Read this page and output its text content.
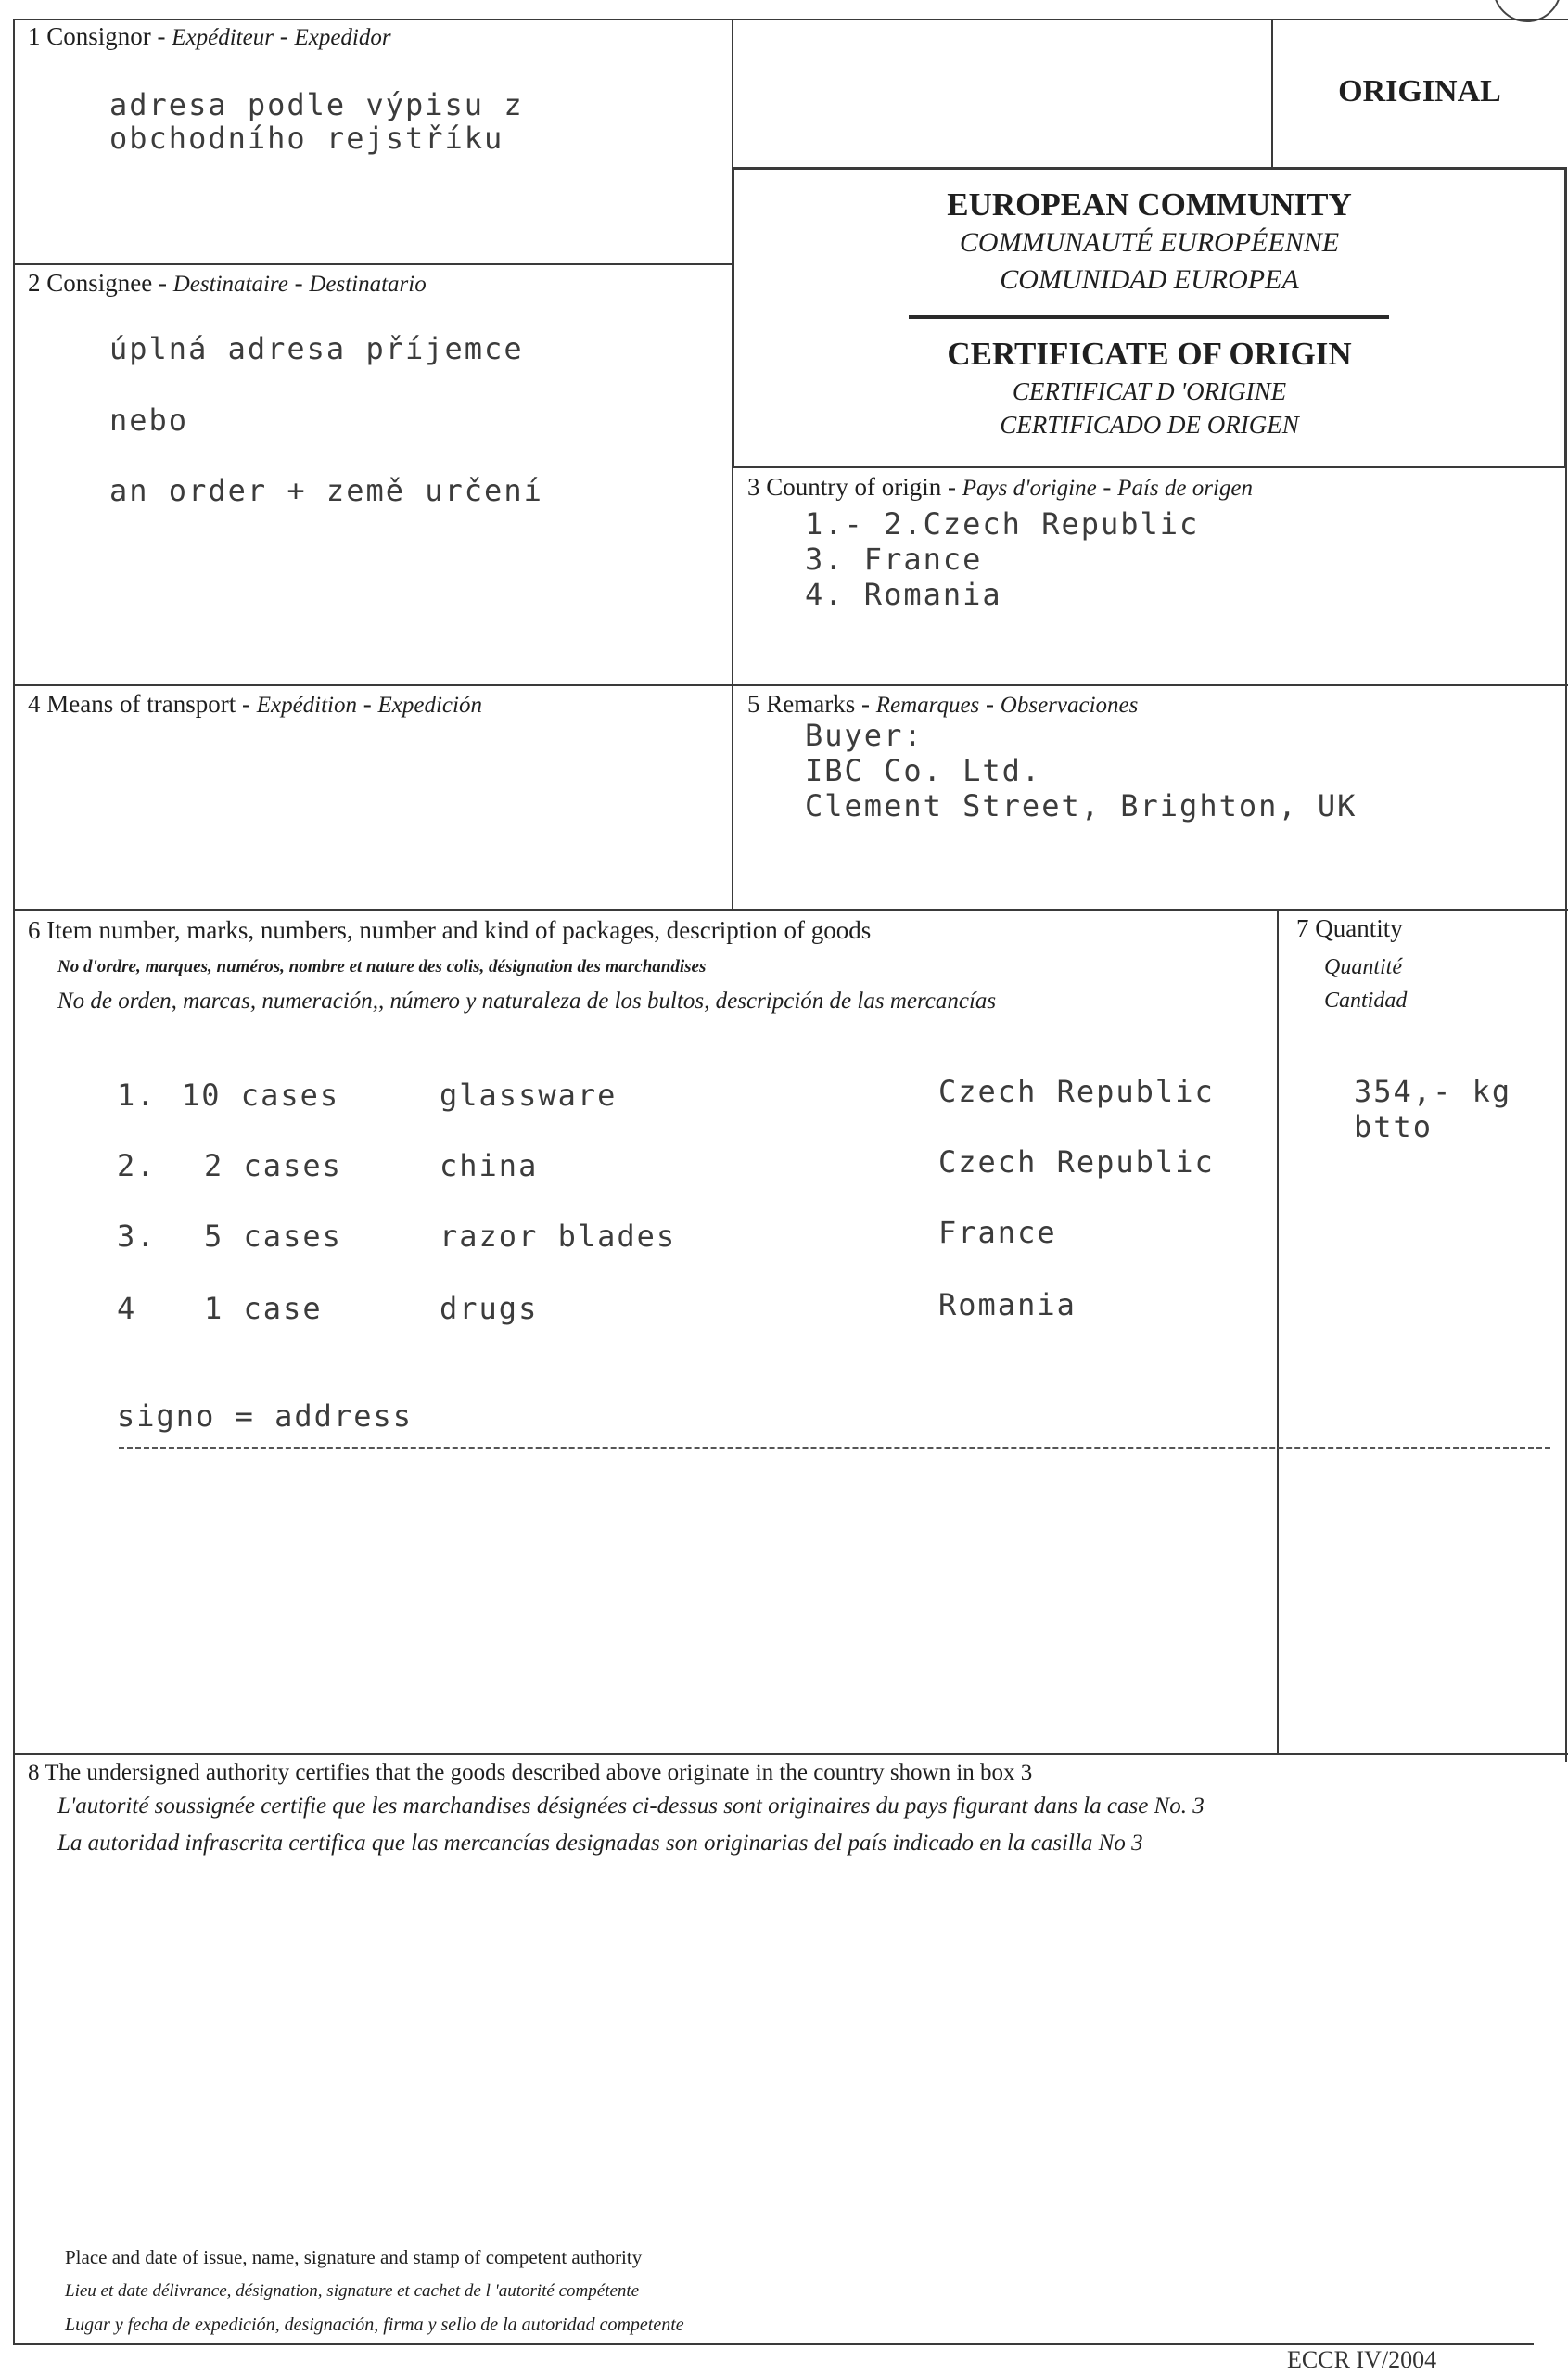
1 Consignor - Expéditeur - Expedidor
adresa podle výpisu z
obchodního rejstříku
ORIGINAL
EUROPEAN COMMUNITY
COMMUNAUTÉ EUROPÉENNE
COMUNIDAD EUROPEA
CERTIFICATE OF ORIGIN
CERTIFICAT D 'ORIGINE
CERTIFICADO DE ORIGEN
2 Consignee - Destinataire - Destinatario
úplná adresa příjemce
nebo
an order + země určení	3 Country of origin - Pays d'origine - País de origen
1.- 2.Czech Republic
3. France
4. Romania
4 Means of transport - Expédition - Expedición	5 Remarks - Remarques - Observaciones
Buyer:
IBC Co. Ltd.
Clement Street, Brighton, UK
6 Item number, marks, numbers, number and kind of packages, description of goods
No d'ordre, marques, numéros, nombre et nature des colis, désignation des marchandises
No de orden, marcas, numeración,, número y naturaleza de los bultos, descripción de las mercancías
1. 10 cases	glassware	Czech Republic
2. 2 cases	china	Czech Republic
3. 5 cases	razor blades	France
4 1 case	drugs	Romania
signo = address
7 Quantity
Quantité
Cantidad
354,- kg
btto
8 The undersigned authority certifies that the goods described above originate in the country shown in box 3
L'autorité soussignée certifie que les marchandises désignées ci-dessus sont originaires du pays figurant dans la case No. 3
La autoridad infrascrita certifica que las mercancías designadas son originarias del país indicado en la casilla No 3
Place and date of issue, name, signature and stamp of competent authority
Lieu et date délivrance, désignation, signature et cachet de l 'autorité compétente
Lugar y fecha de expedición, designación, firma y sello de la autoridad competente
ECCR IV/2004
